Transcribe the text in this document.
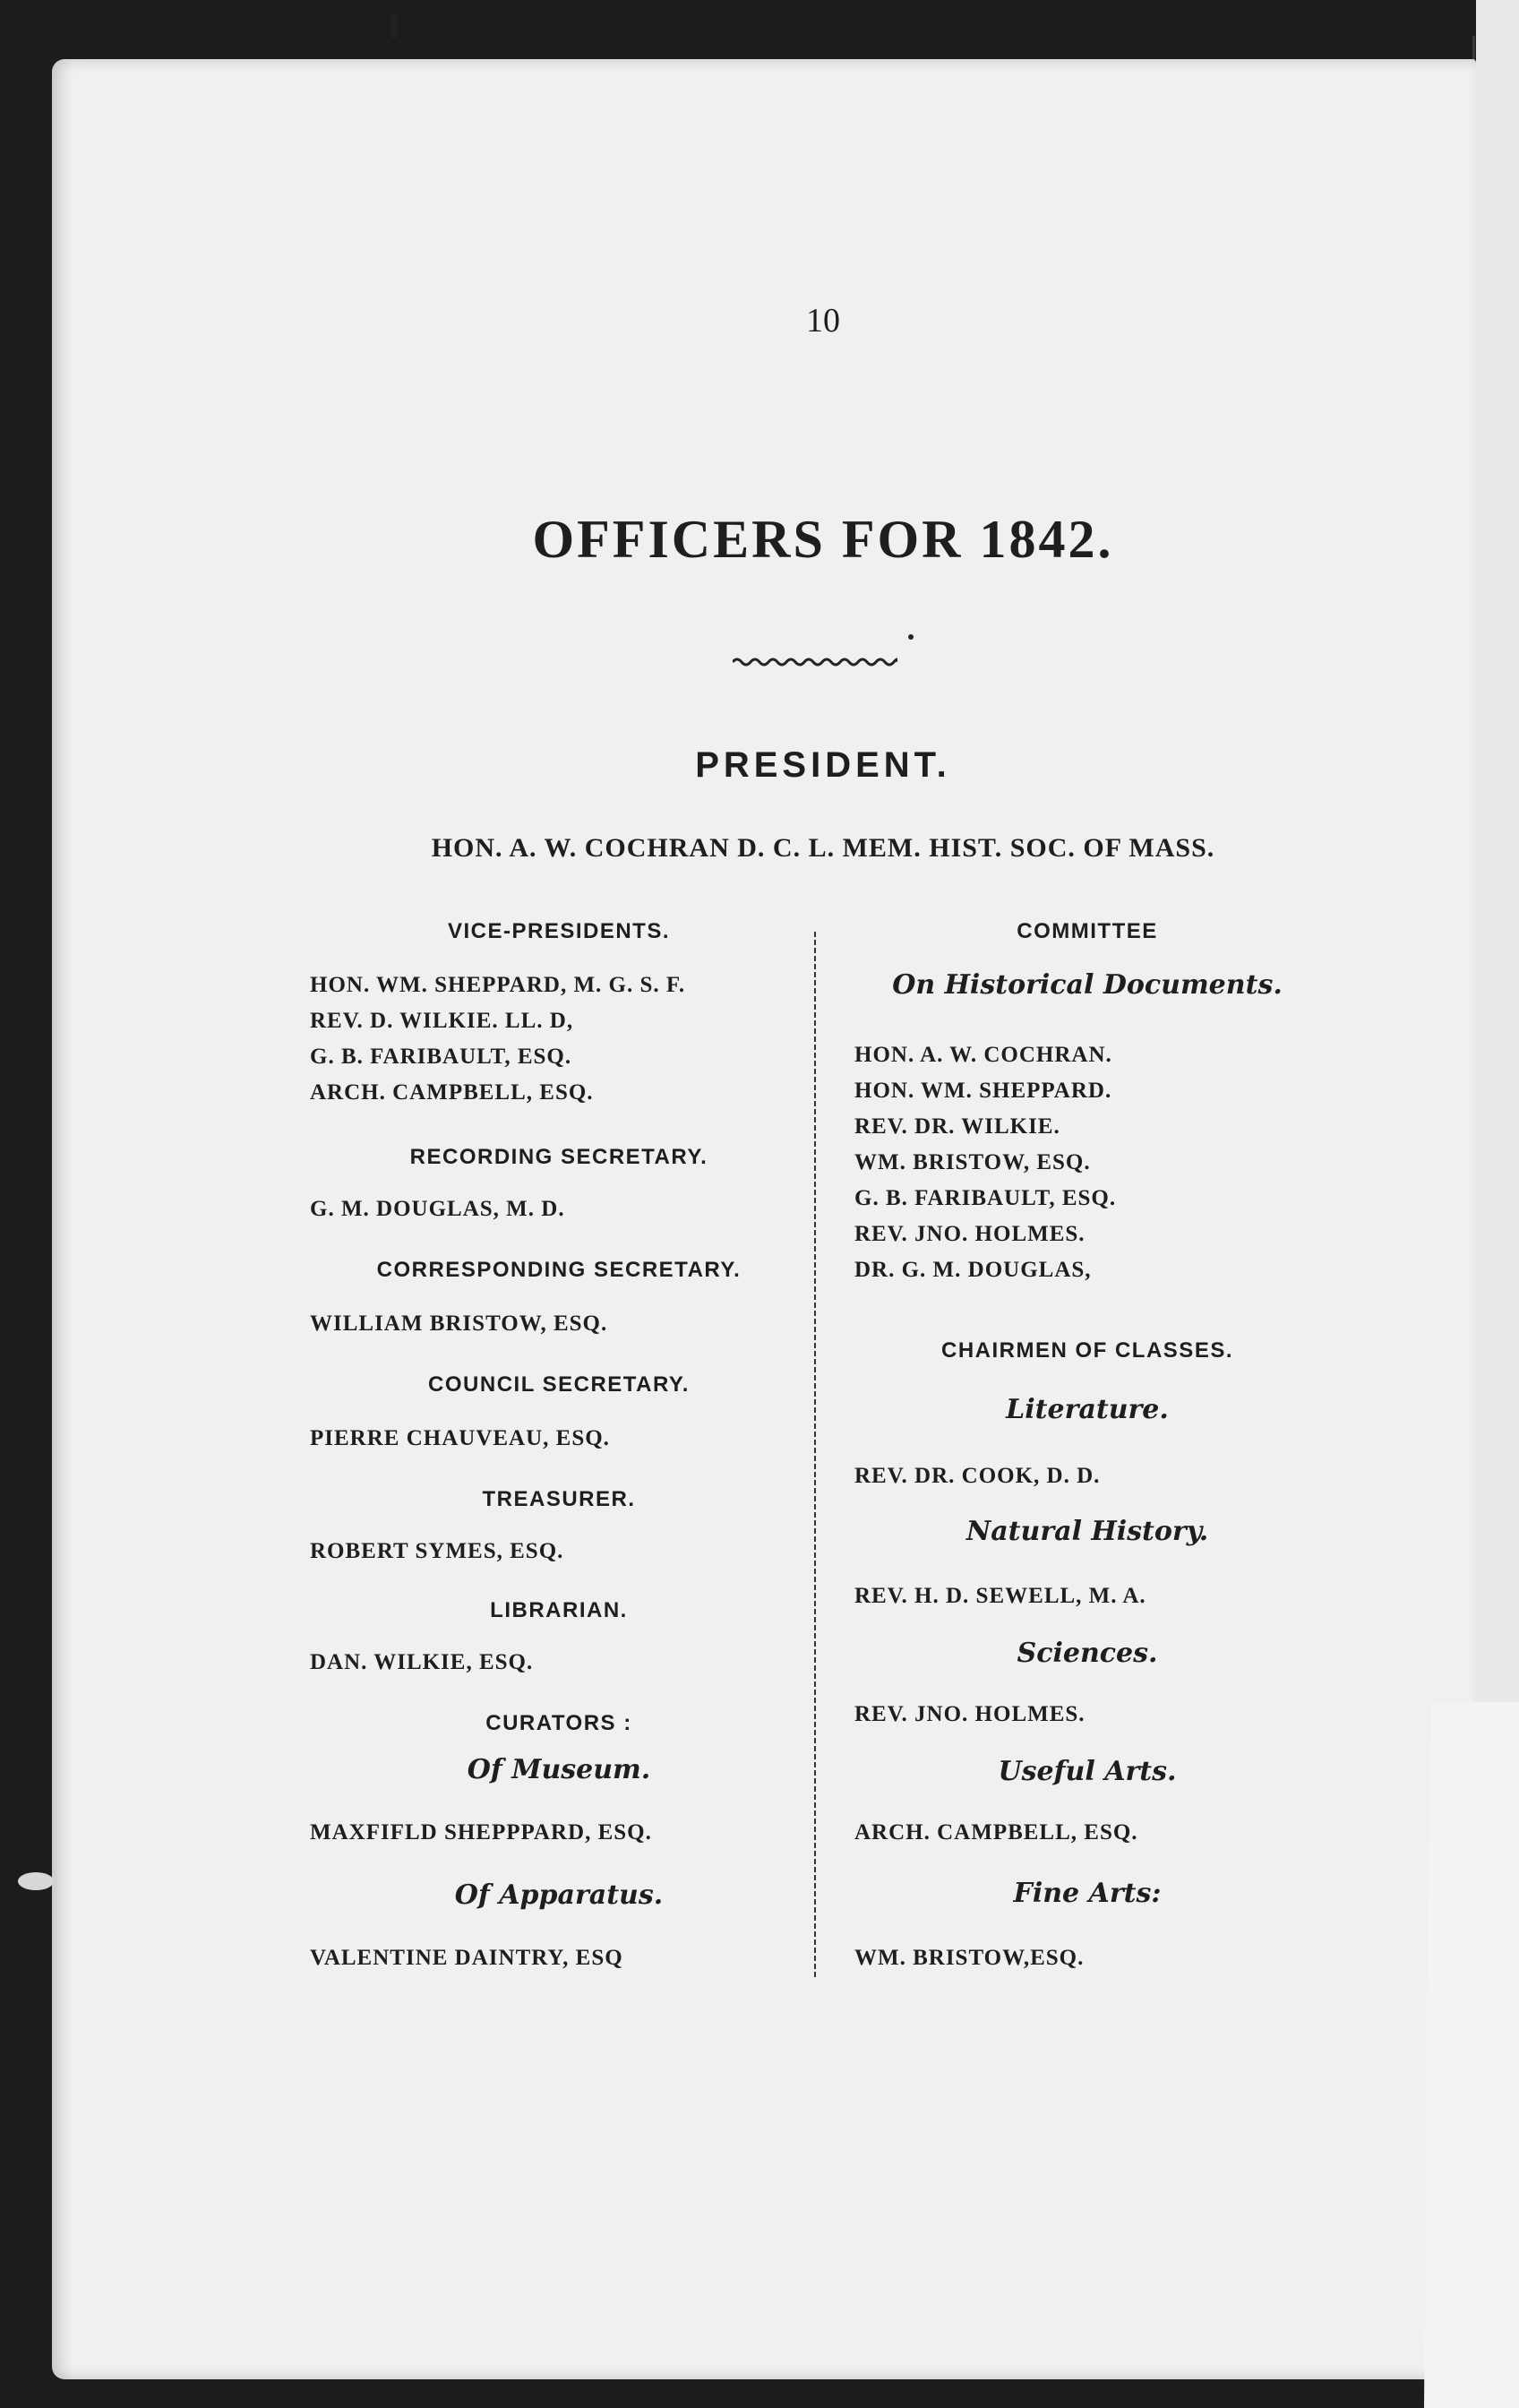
10
OFFICERS FOR 1842.
PRESIDENT.
HON. A. W. COCHRAN D. C. L. MEM. HIST. SOC. OF MASS.
VICE-PRESIDENTS.
HON. WM. SHEPPARD, M. G. S. F.
REV. D. WILKIE. LL. D,
G. B. FARIBAULT, ESQ.
ARCH. CAMPBELL, ESQ.
RECORDING SECRETARY.
G. M. DOUGLAS, M. D.
CORRESPONDING SECRETARY.
WILLIAM BRISTOW, ESQ.
COUNCIL SECRETARY.
PIERRE CHAUVEAU, ESQ.
TREASURER.
ROBERT SYMES, ESQ.
LIBRARIAN.
DAN. WILKIE, ESQ.
CURATORS :
Of Museum.
MAXFIFLD SHEPPPARD, ESQ.
Of Apparatus.
VALENTINE DAINTRY, ESQ
COMMITTEE
On Historical Documents.
HON. A. W. COCHRAN.
HON. WM. SHEPPARD.
REV. DR. WILKIE.
WM. BRISTOW, ESQ.
G. B. FARIBAULT, ESQ.
REV. JNO. HOLMES.
DR. G. M. DOUGLAS,
CHAIRMEN OF CLASSES.
Literature.
REV. DR. COOK, D. D.
Natural History.
REV. H. D. SEWELL, M. A.
Sciences.
REV. JNO. HOLMES.
Useful Arts.
ARCH. CAMPBELL, ESQ.
Fine Arts:
WM. BRISTOW,ESQ.
